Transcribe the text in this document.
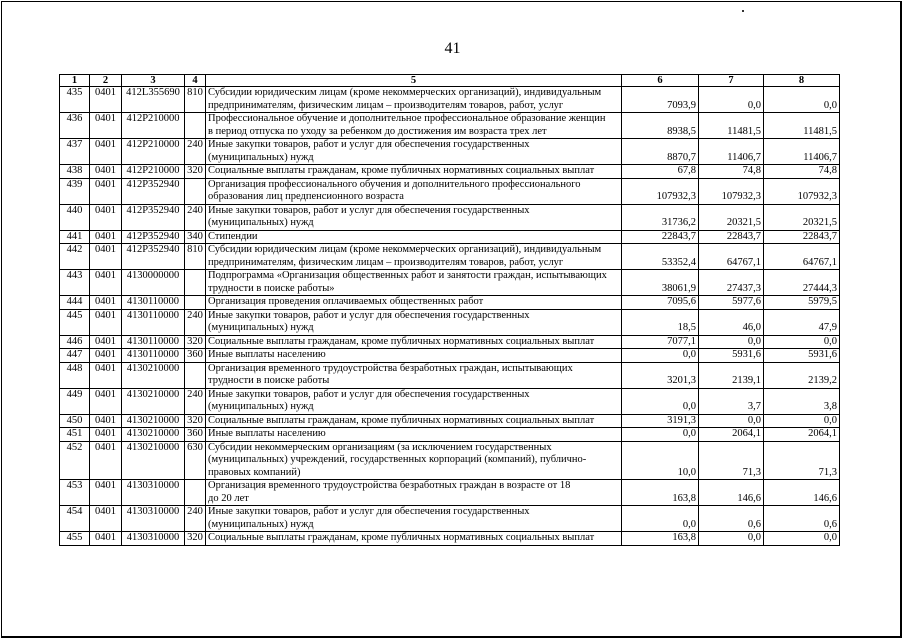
41
1	2	3	4	5	6	7	8
435	0401	412L355690	810	Субсидии юридическим лицам (кроме некоммерческих организаций), индивидуальным
предпринимателям, физическим лицам – производителям товаров, работ, услуг	7093,9	0,0	0,0
436	0401	412P210000		Профессиональное обучение и дополнительное профессиональное образование женщин
в период отпуска по уходу за ребенком до достижения им возраста трех лет	8938,5	11481,5	11481,5
437	0401	412P210000	240	Иные закупки товаров, работ и услуг для обеспечения государственных
(муниципальных) нужд	8870,7	11406,7	11406,7
438	0401	412P210000	320	Социальные выплаты гражданам, кроме публичных нормативных социальных выплат	67,8	74,8	74,8
439	0401	412P352940		Организация профессионального обучения и дополнительного профессионального
образования лиц предпенсионного возраста	107932,3	107932,3	107932,3
440	0401	412P352940	240	Иные закупки товаров, работ и услуг для обеспечения государственных
(муниципальных) нужд	31736,2	20321,5	20321,5
441	0401	412P352940	340	Стипендии	22843,7	22843,7	22843,7
442	0401	412P352940	810	Субсидии юридическим лицам (кроме некоммерческих организаций), индивидуальным
предпринимателям, физическим лицам – производителям товаров, работ, услуг	53352,4	64767,1	64767,1
443	0401	4130000000		Подпрограмма «Организация общественных работ и занятости граждан, испытывающих
трудности в поиске работы»	38061,9	27437,3	27444,3
444	0401	4130110000		Организация проведения оплачиваемых общественных работ	7095,6	5977,6	5979,5
445	0401	4130110000	240	Иные закупки товаров, работ и услуг для обеспечения государственных
(муниципальных) нужд	18,5	46,0	47,9
446	0401	4130110000	320	Социальные выплаты гражданам, кроме публичных нормативных социальных выплат	7077,1	0,0	0,0
447	0401	4130110000	360	Иные выплаты населению	0,0	5931,6	5931,6
448	0401	4130210000		Организация временного трудоустройства безработных граждан, испытывающих
трудности в поиске работы	3201,3	2139,1	2139,2
449	0401	4130210000	240	Иные закупки товаров, работ и услуг для обеспечения государственных
(муниципальных) нужд	0,0	3,7	3,8
450	0401	4130210000	320	Социальные выплаты гражданам, кроме публичных нормативных социальных выплат	3191,3	0,0	0,0
451	0401	4130210000	360	Иные выплаты населению	0,0	2064,1	2064,1
452	0401	4130210000	630	Субсидии некоммерческим организациям (за исключением государственных
(муниципальных) учреждений, государственных корпораций (компаний), публично-
правовых компаний)	10,0	71,3	71,3
453	0401	4130310000		Организация временного трудоустройства безработных граждан в возрасте от 18
до 20 лет	163,8	146,6	146,6
454	0401	4130310000	240	Иные закупки товаров, работ и услуг для обеспечения государственных
(муниципальных) нужд	0,0	0,6	0,6
455	0401	4130310000	320	Социальные выплаты гражданам, кроме публичных нормативных социальных выплат	163,8	0,0	0,0
